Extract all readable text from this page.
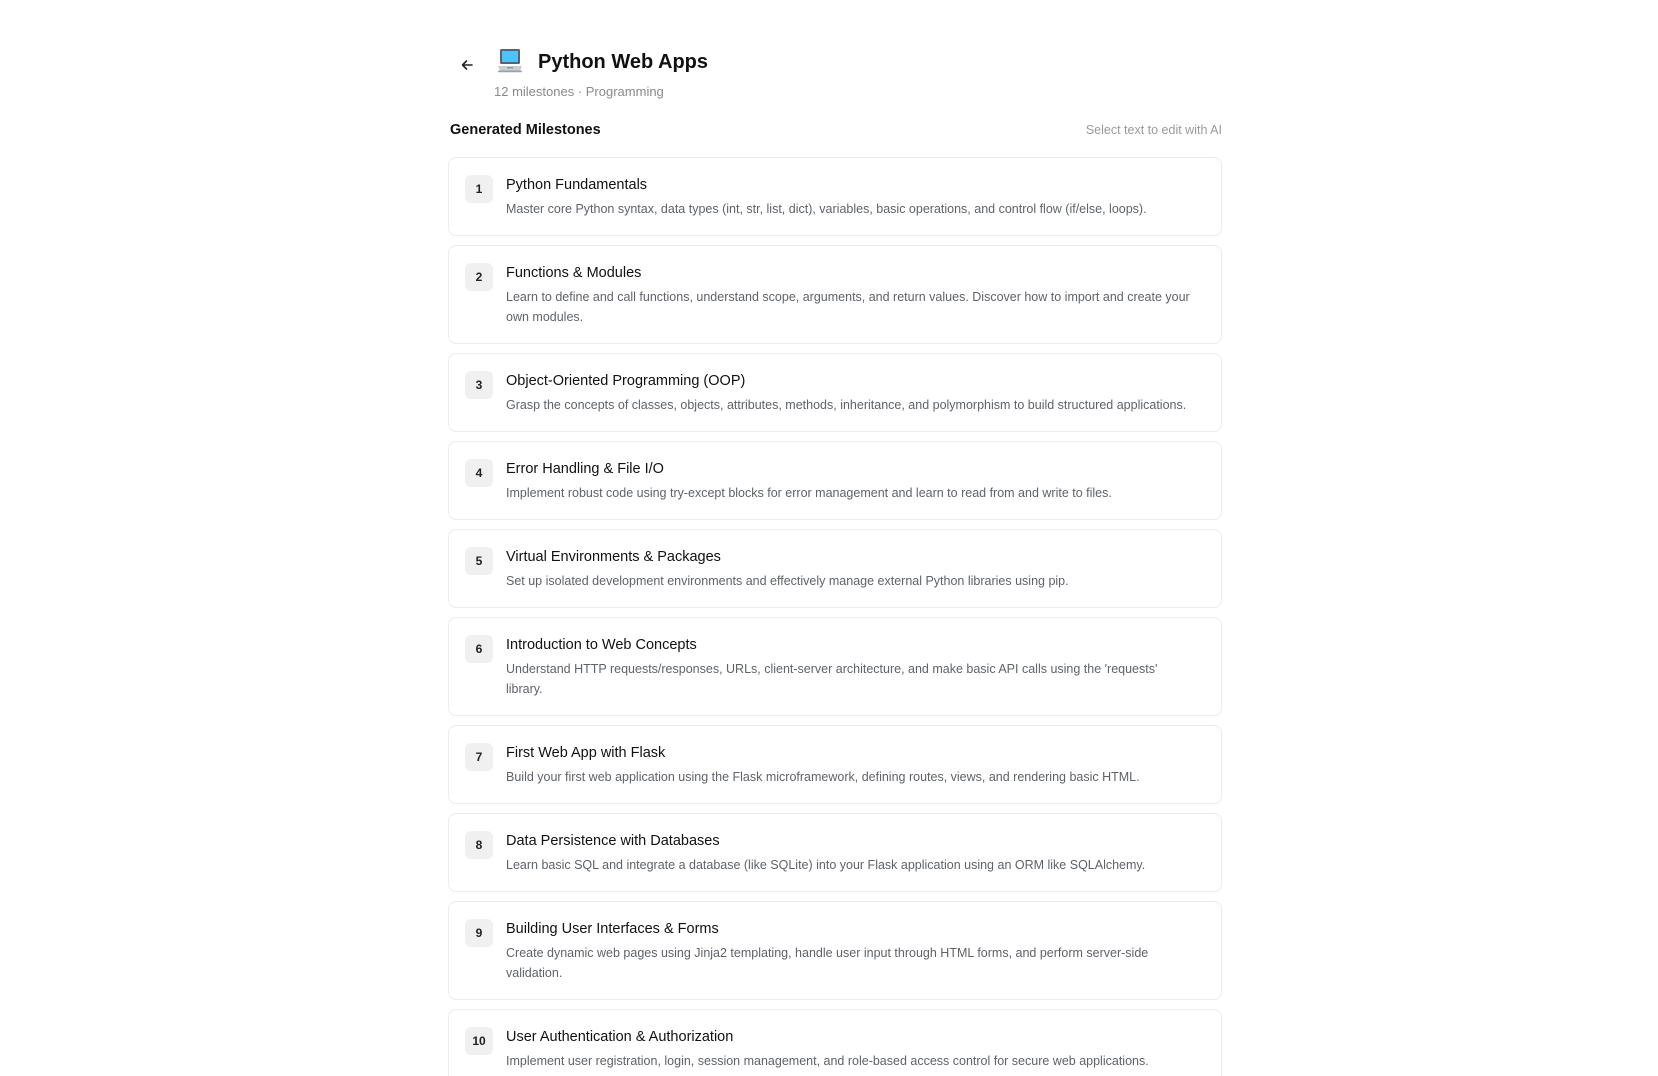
Python Web Apps
12 milestones · Programming
Generated Milestones	Select text to edit with AI
1	Python Fundamentals
Master core Python syntax, data types (int, str, list, dict), variables, basic operations, and control flow (if/else, loops).
2	Functions & Modules
Learn to define and call functions, understand scope, arguments, and return values. Discover how to import and create your own modules.
3	Object-Oriented Programming (OOP)
Grasp the concepts of classes, objects, attributes, methods, inheritance, and polymorphism to build structured applications.
4	Error Handling & File I/O
Implement robust code using try-except blocks for error management and learn to read from and write to files.
5	Virtual Environments & Packages
Set up isolated development environments and effectively manage external Python libraries using pip.
6	Introduction to Web Concepts
Understand HTTP requests/responses, URLs, client-server architecture, and make basic API calls using the 'requests' library.
7	First Web App with Flask
Build your first web application using the Flask microframework, defining routes, views, and rendering basic HTML.
8	Data Persistence with Databases
Learn basic SQL and integrate a database (like SQLite) into your Flask application using an ORM like SQLAlchemy.
9	Building User Interfaces & Forms
Create dynamic web pages using Jinja2 templating, handle user input through HTML forms, and perform server-side validation.
10	User Authentication & Authorization
Implement user registration, login, session management, and role-based access control for secure web applications.
